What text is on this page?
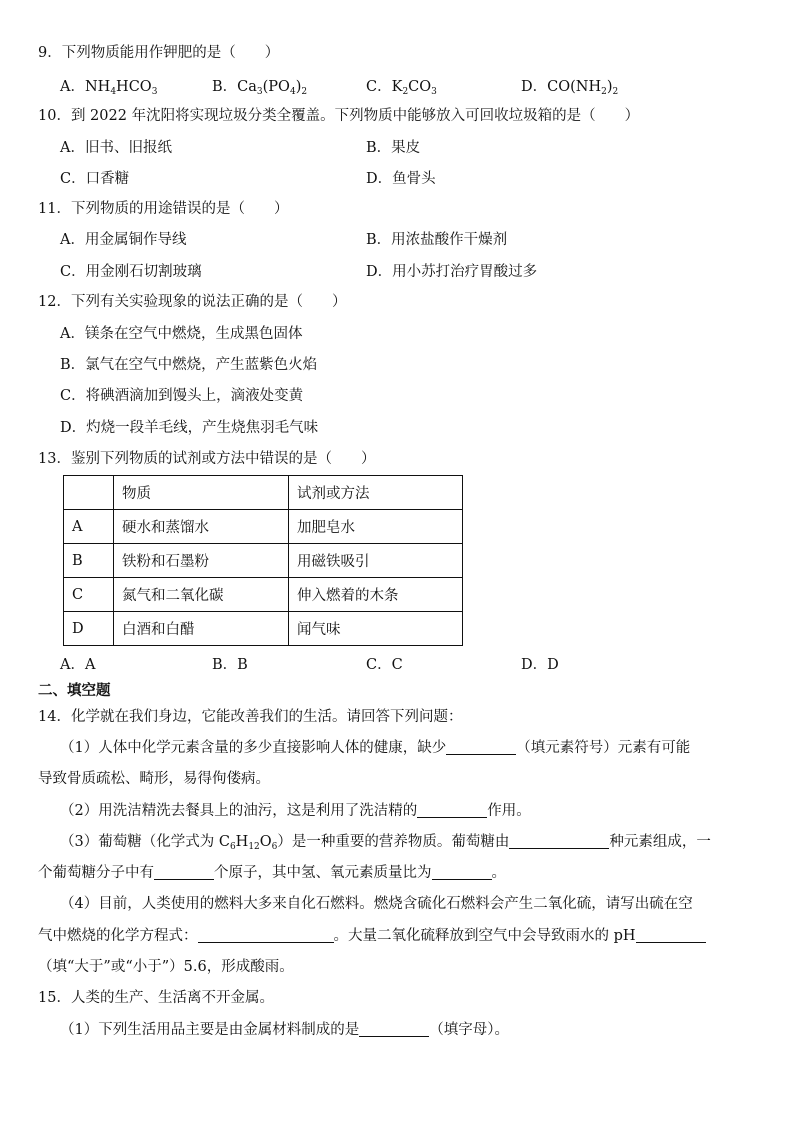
9．下列物质能用作钾肥的是（　　）
A．$NH_4HCO_3$	B．$Ca_3(PO_4)_2$	C．$K_2CO_3$	D．$CO(NH_2)_2$
10．到 2022 年沈阳将实现垃圾分类全覆盖。下列物质中能够放入可回收垃圾箱的是（　　）
A．旧书、旧报纸	B．果皮
C．口香糖	D．鱼骨头
11．下列物质的用途错误的是（　　）
A．用金属铜作导线	B．用浓盐酸作干燥剂
C．用金刚石切割玻璃	D．用小苏打治疗胃酸过多
12．下列有关实验现象的说法正确的是（　　）
A．镁条在空气中燃烧，生成黑色固体
B．氯气在空气中燃烧，产生蓝紫色火焰
C．将碘酒滴加到馒头上，滴液处变黄
D．灼烧一段羊毛线，产生烧焦羽毛气味
13．鉴别下列物质的试剂或方法中错误的是（　　）
	物质	试剂或方法
A	硬水和蒸馏水	加肥皂水
B	铁粉和石墨粉	用磁铁吸引
C	氮气和二氧化碳	伸入燃着的木条
D	白酒和白醋	闻气味
A．A	B．B	C．C	D．D
二、填空题
14．化学就在我们身边，它能改善我们的生活。请回答下列问题：
（1）人体中化学元素含量的多少直接影响人体的健康，缺少	（填元素符号）元素有可能
导致骨质疏松、畸形，易得佝偻病。
（2）用洗洁精洗去餐具上的油污，这是利用了洗洁精的	作用。
（3）葡萄糖（化学式为 $C_6H_{12}O_6$）是一种重要的营养物质。葡萄糖由	种元素组成，一
个葡萄糖分子中有	个原子，其中氢、氧元素质量比为	。
（4）目前，人类使用的燃料大多来自化石燃料。燃烧含硫化石燃料会产生二氧化硫，请写出硫在空
气中燃烧的化学方程式：	。大量二氧化硫释放到空气中会导致雨水的 pH
（填“大于”或“小于”）5.6，形成酸雨。
15．人类的生产、生活离不开金属。
（1）下列生活用品主要是由金属材料制成的是	（填字母）。
